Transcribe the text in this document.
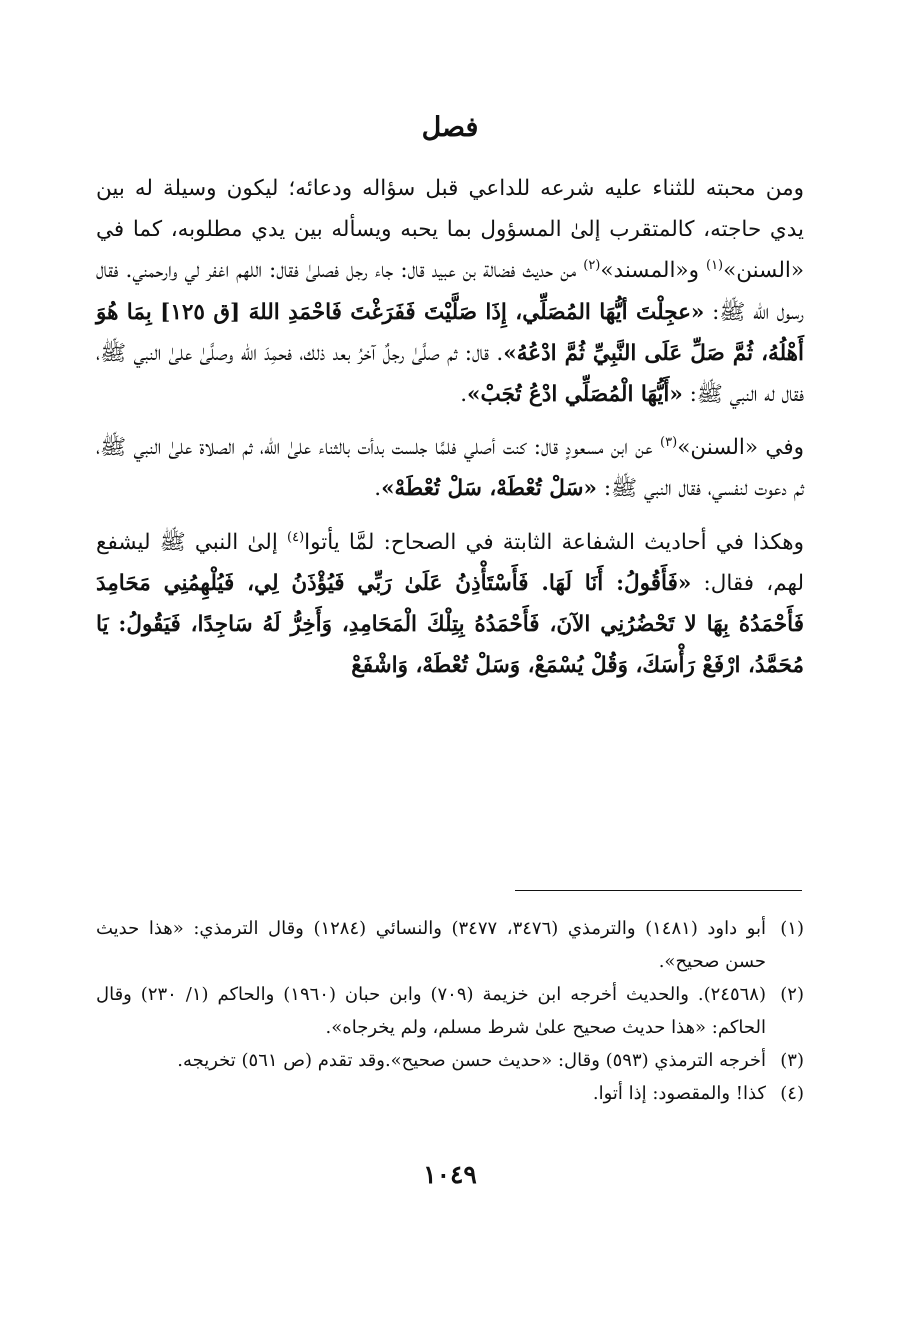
فصل

ومن محبته للثناء عليه شرعه للداعي قبل سؤاله ودعائه؛ ليكون وسيلة له بين يدي حاجته، كالمتقرب إلىٰ المسؤول بما يحبه ويسأله بين يدي مطلوبه، كما في «السنن»$^{(١)}$ و«المسند»$^{(٢)}$ من حديث فضالة بن عبيد قال: جاء رجل فصلىٰ فقال: اللهم اغفر لي وارحمني. فقال رسول الله ﷺ: «عجِلْتَ أيُّهَا المُصَلِّي، إِذَا صَلَّيْتَ فَفَرَغْتَ فَاحْمَدِ اللهَ [ق ١٢٥] بِمَا هُوَ أَهْلُهُ، ثُمَّ صَلِّ عَلَى النَّبِيِّ ثُمَّ ادْعُهُ». قال: ثم صلَّىٰ رجلٌ آخرُ بعد ذلك، فحمِدَ الله وصلَّىٰ علىٰ النبي ﷺ، فقال له النبي ﷺ: «أَيُّهَا الْمُصَلِّي ادْعُ تُجَبْ».

وفي «السنن»$^{(٣)}$ عن ابن مسعودٍ قال: كنت أصلي فلمَّا جلست بدأت بالثناء علىٰ الله، ثم الصلاة علىٰ النبي ﷺ، ثم دعوت لنفسي، فقال النبي ﷺ: «سَلْ تُعْطَهْ، سَلْ تُعْطَهْ».

وهكذا في أحاديث الشفاعة الثابتة في الصحاح: لمَّا يأتوا$^{(٤)}$ إلىٰ النبي ﷺ ليشفع لهم، فقال: «فَأَقُولُ: أَنَا لَهَا. فَأَسْتَأْذِنُ عَلَىٰ رَبِّي فَيُؤْذَنُ لِي، فَيُلْهِمُنِي مَحَامِدَ فَأَحْمَدُهُ بِهَا لا تَحْضُرُنِي الآنَ، فَأَحْمَدُهُ بِتِلْكَ الْمَحَامِدِ، وَأَخِرُّ لَهُ سَاجِدًا، فَيَقُولُ: يَا مُحَمَّدُ، ارْفَعْ رَأْسَكَ، وَقُلْ يُسْمَعْ، وَسَلْ تُعْطَهْ، وَاشْفَعْ

(١)
أبو داود (١٤٨١) والترمذي (٣٤٧٦، ٣٤٧٧) والنسائي (١٢٨٤) وقال الترمذي: «هذا حديث حسن صحيح».
(٢)
(٢٤٥٦٨). والحديث أخرجه ابن خزيمة (٧٠٩) وابن حبان (١٩٦٠) والحاكم (١/ ٢٣٠) وقال الحاكم: «هذا حديث صحيح علىٰ شرط مسلم، ولم يخرجاه».
(٣)
أخرجه الترمذي (٥٩٣) وقال: «حديث حسن صحيح».وقد تقدم (ص ٥٦١) تخريجه.
(٤)
كذا! والمقصود: إذا أتوا.
١٠٤٩
